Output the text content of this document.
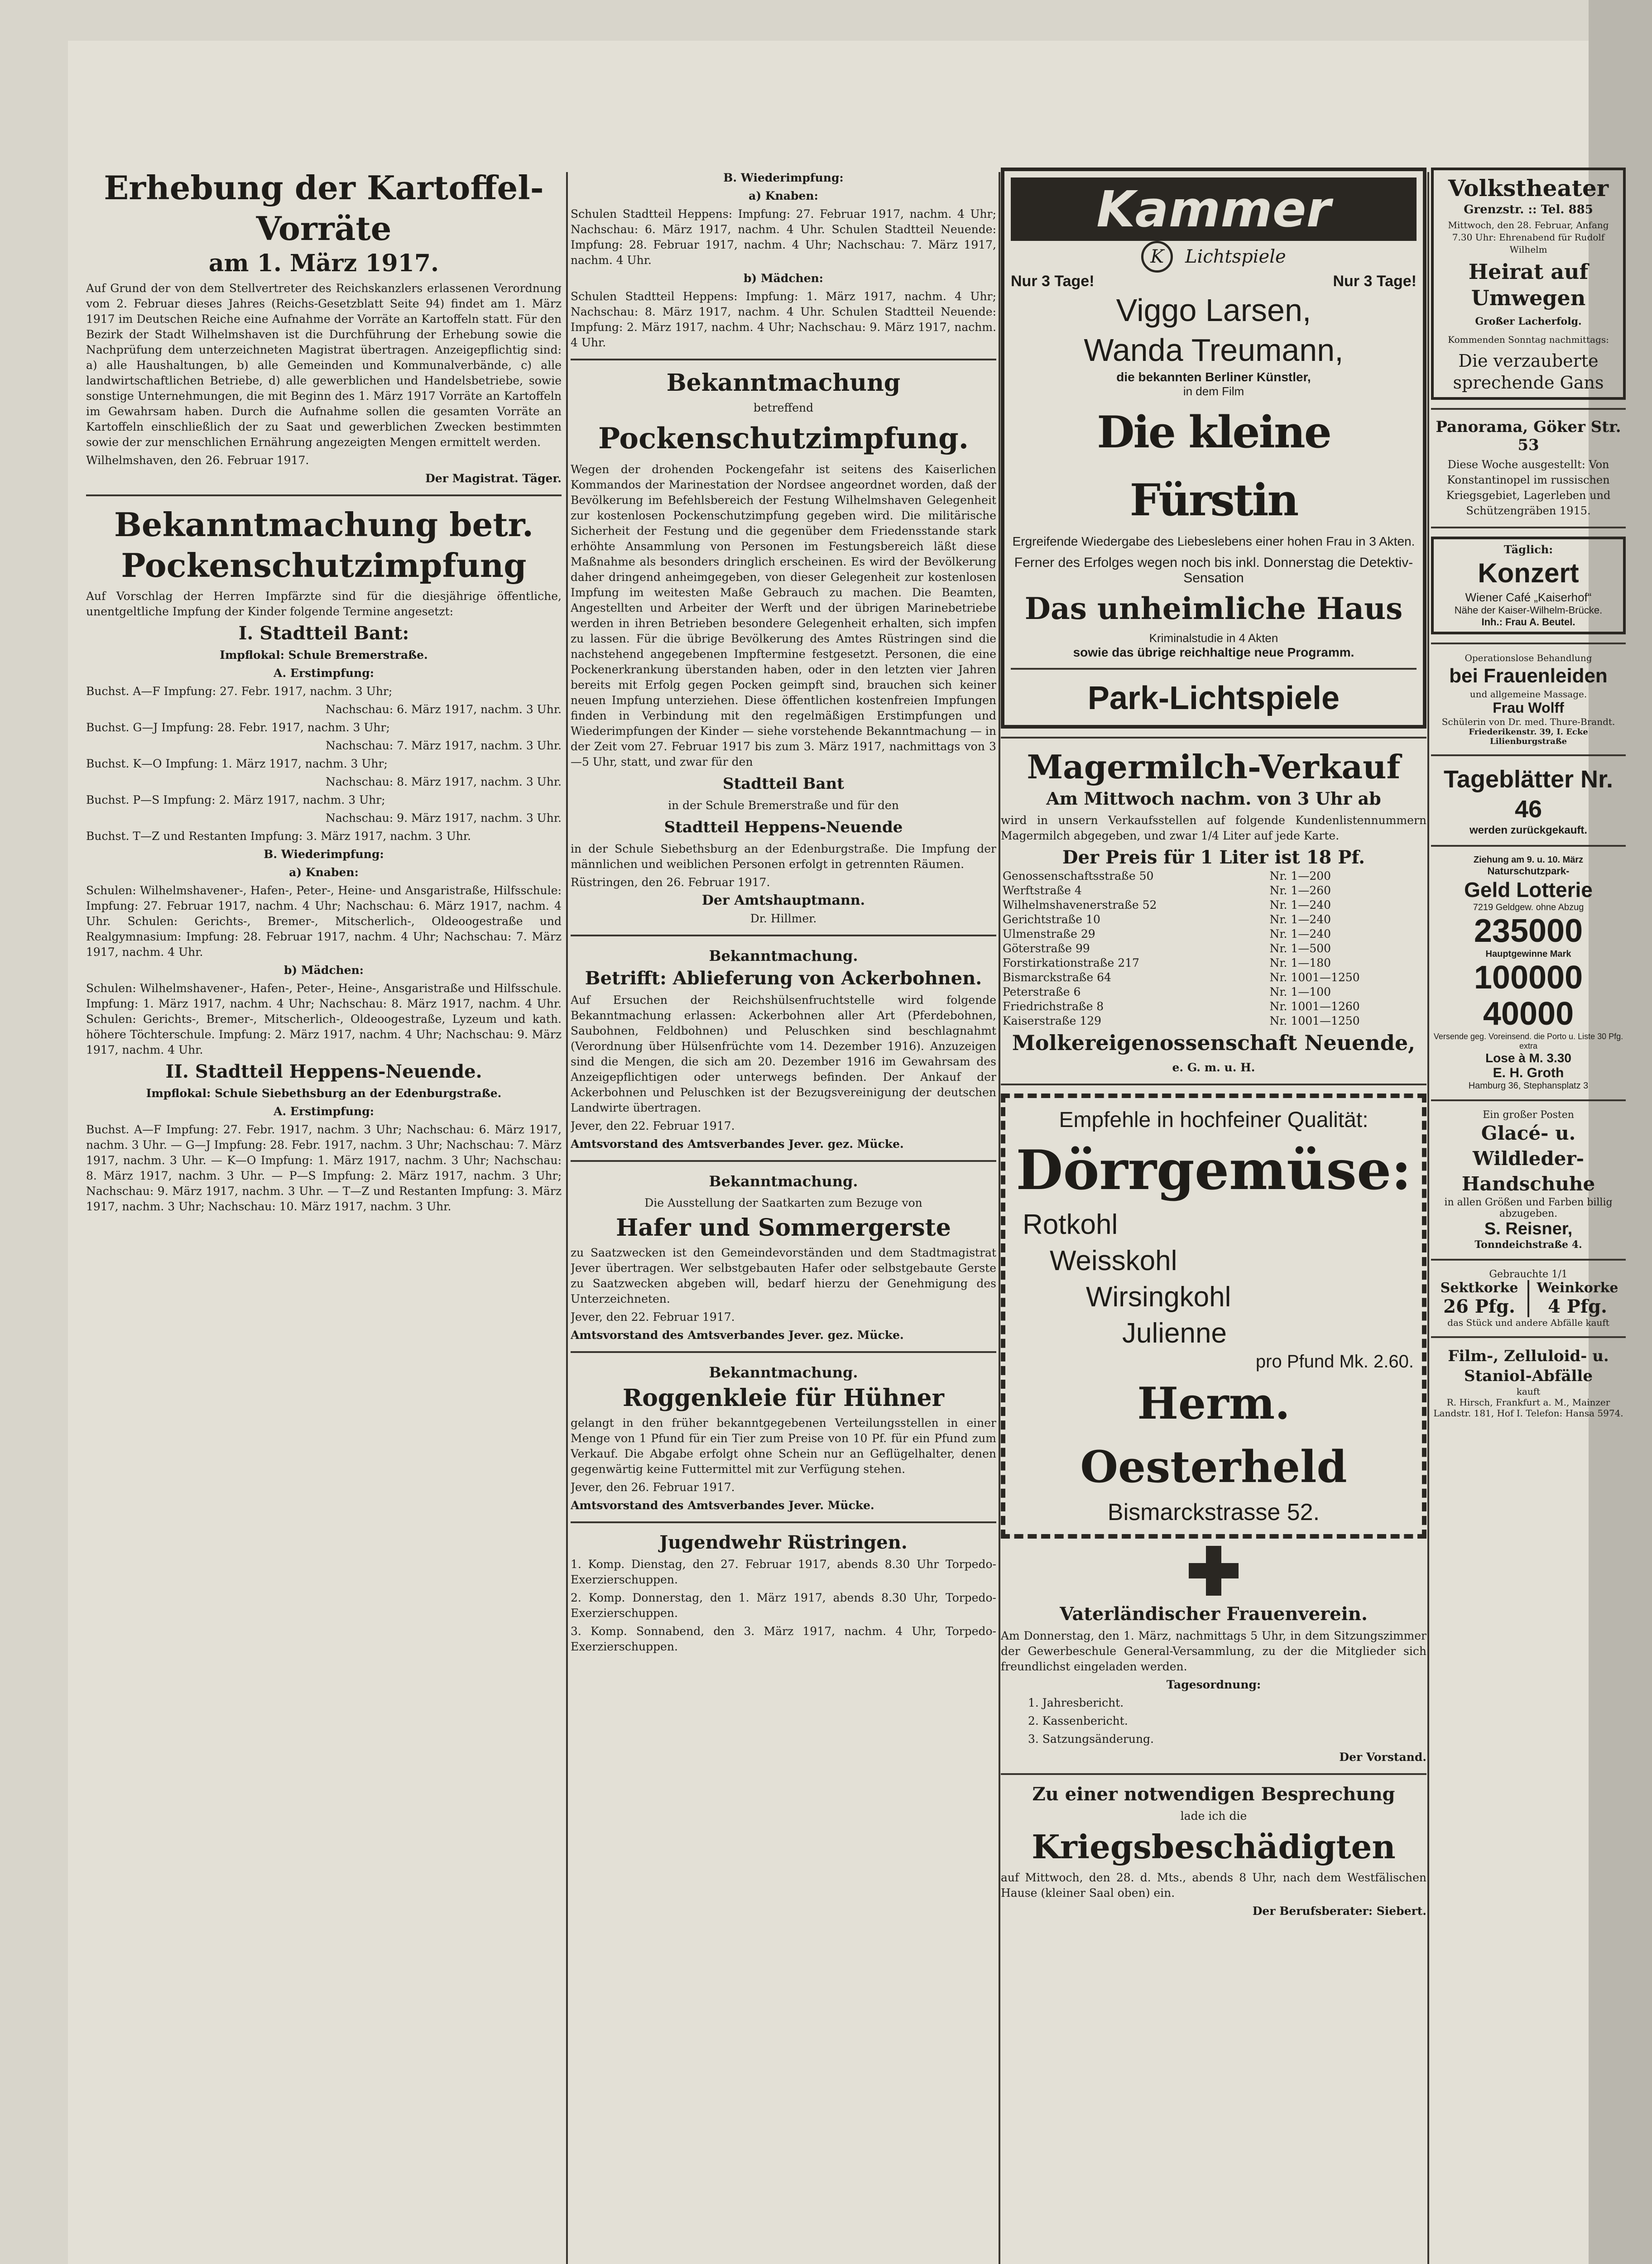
Erhebung der Kartoffel-Vorräte
am 1. März 1917.

Auf Grund der von dem Stellvertreter des Reichskanzlers erlassenen Verordnung vom 2. Februar dieses Jahres (Reichs-Gesetzblatt Seite 94) findet am 1. März 1917 im Deutschen Reiche eine Aufnahme der Vorräte an Kartoffeln statt. Für den Bezirk der Stadt Wilhelmshaven ist die Durchführung der Erhebung sowie die Nachprüfung dem unterzeichneten Magistrat übertragen. Anzeigepflichtig sind: a) alle Haushaltungen, b) alle Gemeinden und Kommunalverbände, c) alle landwirtschaftlichen Betriebe, d) alle gewerblichen und Handelsbetriebe, sowie sonstige Unternehmungen, die mit Beginn des 1. März 1917 Vorräte an Kartoffeln im Gewahrsam haben. Durch die Aufnahme sollen die gesamten Vorräte an Kartoffeln einschließlich der zu Saat und gewerblichen Zwecken bestimmten sowie der zur menschlichen Ernährung angezeigten Mengen ermittelt werden.

Wilhelmshaven, den 26. Februar 1917.

Der Magistrat. Täger.

Bekanntmachung betr. Pockenschutzimpfung

Auf Vorschlag der Herren Impfärzte sind für die diesjährige öffentliche, unentgeltliche Impfung der Kinder folgende Termine angesetzt:

I. Stadtteil Bant:

Impflokal: Schule Bremerstraße.

A. Erstimpfung:

Buchst. A—F Impfung: 27. Febr. 1917, nachm. 3 Uhr;

Nachschau: 6. März 1917, nachm. 3 Uhr.

Buchst. G—J Impfung: 28. Febr. 1917, nachm. 3 Uhr;

Nachschau: 7. März 1917, nachm. 3 Uhr.

Buchst. K—O Impfung: 1. März 1917, nachm. 3 Uhr;

Nachschau: 8. März 1917, nachm. 3 Uhr.

Buchst. P—S Impfung: 2. März 1917, nachm. 3 Uhr;

Nachschau: 9. März 1917, nachm. 3 Uhr.

Buchst. T—Z und Restanten Impfung: 3. März 1917, nachm. 3 Uhr.

B. Wiederimpfung:

a) Knaben:

Schulen: Wilhelmshavener-, Hafen-, Peter-, Heine- und Ansgaristraße, Hilfsschule: Impfung: 27. Februar 1917, nachm. 4 Uhr; Nachschau: 6. März 1917, nachm. 4 Uhr. Schulen: Gerichts-, Bremer-, Mitscherlich-, Oldeoogestraße und Realgymnasium: Impfung: 28. Februar 1917, nachm. 4 Uhr; Nachschau: 7. März 1917, nachm. 4 Uhr.

b) Mädchen:

Schulen: Wilhelmshavener-, Hafen-, Peter-, Heine-, Ansgaristraße und Hilfsschule. Impfung: 1. März 1917, nachm. 4 Uhr; Nachschau: 8. März 1917, nachm. 4 Uhr. Schulen: Gerichts-, Bremer-, Mitscherlich-, Oldeoogestraße, Lyzeum und kath. höhere Töchterschule. Impfung: 2. März 1917, nachm. 4 Uhr; Nachschau: 9. März 1917, nachm. 4 Uhr.

II. Stadtteil Heppens-Neuende.

Impflokal: Schule Siebethsburg an der Edenburgstraße.

A. Erstimpfung:

Buchst. A—F Impfung: 27. Febr. 1917, nachm. 3 Uhr; Nachschau: 6. März 1917, nachm. 3 Uhr. — G—J Impfung: 28. Febr. 1917, nachm. 3 Uhr; Nachschau: 7. März 1917, nachm. 3 Uhr. — K—O Impfung: 1. März 1917, nachm. 3 Uhr; Nachschau: 8. März 1917, nachm. 3 Uhr. — P—S Impfung: 2. März 1917, nachm. 3 Uhr; Nachschau: 9. März 1917, nachm. 3 Uhr. — T—Z und Restanten Impfung: 3. März 1917, nachm. 3 Uhr; Nachschau: 10. März 1917, nachm. 3 Uhr.

B. Wiederimpfung:

a) Knaben:

Schulen Stadtteil Heppens: Impfung: 27. Februar 1917, nachm. 4 Uhr; Nachschau: 6. März 1917, nachm. 4 Uhr. Schulen Stadtteil Neuende: Impfung: 28. Februar 1917, nachm. 4 Uhr; Nachschau: 7. März 1917, nachm. 4 Uhr.

b) Mädchen:

Schulen Stadtteil Heppens: Impfung: 1. März 1917, nachm. 4 Uhr; Nachschau: 8. März 1917, nachm. 4 Uhr. Schulen Stadtteil Neuende: Impfung: 2. März 1917, nachm. 4 Uhr; Nachschau: 9. März 1917, nachm. 4 Uhr.

Bekanntmachung

betreffend

Pockenschutzimpfung.

Wegen der drohenden Pockengefahr ist seitens des Kaiserlichen Kommandos der Marinestation der Nordsee angeordnet worden, daß der Bevölkerung im Befehlsbereich der Festung Wilhelmshaven Gelegenheit zur kostenlosen Pockenschutzimpfung gegeben wird. Die militärische Sicherheit der Festung und die gegenüber dem Friedensstande stark erhöhte Ansammlung von Personen im Festungsbereich läßt diese Maßnahme als besonders dringlich erscheinen. Es wird der Bevölkerung daher dringend anheimgegeben, von dieser Gelegenheit zur kostenlosen Impfung im weitesten Maße Gebrauch zu machen. Die Beamten, Angestellten und Arbeiter der Werft und der übrigen Marinebetriebe werden in ihren Betrieben besondere Gelegenheit erhalten, sich impfen zu lassen. Für die übrige Bevölkerung des Amtes Rüstringen sind die nachstehend angegebenen Impftermine festgesetzt. Personen, die eine Pockenerkrankung überstanden haben, oder in den letzten vier Jahren bereits mit Erfolg gegen Pocken geimpft sind, brauchen sich keiner neuen Impfung unterziehen. Diese öffentlichen kostenfreien Impfungen finden in Verbindung mit den regelmäßigen Erstimpfungen und Wiederimpfungen der Kinder — siehe vorstehende Bekanntmachung — in der Zeit vom 27. Februar 1917 bis zum 3. März 1917, nachmittags von 3—5 Uhr, statt, und zwar für den

Stadtteil Bant

in der Schule Bremerstraße und für den

Stadtteil Heppens-Neuende

in der Schule Siebethsburg an der Edenburgstraße. Die Impfung der männlichen und weiblichen Personen erfolgt in getrennten Räumen.

Rüstringen, den 26. Februar 1917.

Der Amtshauptmann.

Dr. Hillmer.

Bekanntmachung.
Betrifft: Ablieferung von Ackerbohnen.

Auf Ersuchen der Reichshülsenfruchtstelle wird folgende Bekanntmachung erlassen: Ackerbohnen aller Art (Pferdebohnen, Saubohnen, Feldbohnen) und Peluschken sind beschlagnahmt (Verordnung über Hülsenfrüchte vom 14. Dezember 1916). Anzuzeigen sind die Mengen, die sich am 20. Dezember 1916 im Gewahrsam des Anzeigepflichtigen oder unterwegs befinden. Der Ankauf der Ackerbohnen und Peluschken ist der Bezugsvereinigung der deutschen Landwirte übertragen.

Jever, den 22. Februar 1917.

Amtsvorstand des Amtsverbandes Jever. gez. Mücke.

Bekanntmachung.

Die Ausstellung der Saatkarten zum Bezuge von

Hafer und Sommergerste

zu Saatzwecken ist den Gemeindevorständen und dem Stadtmagistrat Jever übertragen. Wer selbstgebauten Hafer oder selbstgebaute Gerste zu Saatzwecken abgeben will, bedarf hierzu der Genehmigung des Unterzeichneten.

Jever, den 22. Februar 1917.

Amtsvorstand des Amtsverbandes Jever. gez. Mücke.

Bekanntmachung.
Roggenkleie für Hühner

gelangt in den früher bekanntgegebenen Verteilungsstellen in einer Menge von 1 Pfund für ein Tier zum Preise von 10 Pf. für ein Pfund zum Verkauf. Die Abgabe erfolgt ohne Schein nur an Geflügelhalter, denen gegenwärtig keine Futtermittel mit zur Verfügung stehen.

Jever, den 26. Februar 1917.

Amtsvorstand des Amtsverbandes Jever. Mücke.

Jugendwehr Rüstringen.

1. Komp. Dienstag, den 27. Februar 1917, abends 8.30 Uhr Torpedo-Exerzierschuppen.

2. Komp. Donnerstag, den 1. März 1917, abends 8.30 Uhr, Torpedo-Exerzierschuppen.

3. Komp. Sonnabend, den 3. März 1917, nachm. 4 Uhr, Torpedo-Exerzierschuppen.

Kammer
K Lichtspiele
Nur 3 Tage!	Nur 3 Tage!
Viggo Larsen,
Wanda Treumann,
die bekannten Berliner Künstler,
in dem Film
Die kleine Fürstin
Ergreifende Wiedergabe des Liebeslebens einer hohen Frau in 3 Akten.
Ferner des Erfolges wegen noch bis inkl. Donnerstag die Detektiv-Sensation
Das unheimliche Haus
Kriminalstudie in 4 Akten
sowie das übrige reichhaltige neue Programm.
Park-Lichtspiele
Magermilch-Verkauf
Am Mittwoch nachm. von 3 Uhr ab

wird in unsern Verkaufsstellen auf folgende Kundenlistennummern Magermilch abgegeben, und zwar 1/4 Liter auf jede Karte.

Der Preis für 1 Liter ist 18 Pf.
Genossenschaftsstraße 50	Nr. 1—200
Werftstraße 4	Nr. 1—260
Wilhelmshavenerstraße 52	Nr. 1—240
Gerichtstraße 10	Nr. 1—240
Ulmenstraße 29	Nr. 1—240
Göterstraße 99	Nr. 1—500
Forstirkationstraße 217	Nr. 1—180
Bismarckstraße 64	Nr. 1001—1250
Peterstraße 6	Nr. 1—100
Friedrichstraße 8	Nr. 1001—1260
Kaiserstraße 129	Nr. 1001—1250
Molkereigenossenschaft Neuende,

e. G. m. u. H.

Empfehle in hochfeiner Qualität:
Dörrgemüse:
Rotkohl
Weisskohl
Wirsingkohl
Julienne
pro Pfund Mk. 2.60.
Herm. Oesterheld
Bismarckstrasse 52.
Vaterländischer Frauenverein.

Am Donnerstag, den 1. März, nachmittags 5 Uhr, in dem Sitzungszimmer der Gewerbeschule General-Versammlung, zu der die Mitglieder sich freundlichst eingeladen werden.

Tagesordnung:

1. Jahresbericht.

2. Kassenbericht.

3. Satzungsänderung.

Der Vorstand.

Zu einer notwendigen Besprechung

lade ich die

Kriegsbeschädigten

auf Mittwoch, den 28. d. Mts., abends 8 Uhr, nach dem Westfälischen Hause (kleiner Saal oben) ein.

Der Berufsberater: Siebert.

Volkstheater
Grenzstr. :: Tel. 885

Mittwoch, den 28. Februar, Anfang 7.30 Uhr: Ehrenabend für Rudolf Wilhelm

Heirat auf Umwegen

Großer Lacherfolg.

Kommenden Sonntag nachmittags:

Die verzauberte sprechende Gans
Panorama, Göker Str. 53

Diese Woche ausgestellt: Von Konstantinopel im russischen Kriegsgebiet, Lagerleben und Schützengräben 1915.

Täglich:
Konzert
Wiener Café „Kaiserhof“
Nähe der Kaiser-Wilhelm-Brücke.
Inh.: Frau A. Beutel.
Operationslose Behandlung
bei Frauenleiden
und allgemeine Massage.
Frau Wolff
Schülerin von Dr. med. Thure-Brandt.
Friederikenstr. 39, I. Ecke Lilienburgstraße
Tageblätter Nr. 46
werden zurückgekauft.
Ziehung am 9. u. 10. März
Naturschutzpark-
Geld Lotterie
7219 Geldgew. ohne Abzug
235000
Hauptgewinne Mark
100000
40000
Versende geg. Voreinsend. die Porto u. Liste 30 Pfg. extra
Lose à M. 3.30
E. H. Groth
Hamburg 36, Stephansplatz 3
Ein großer Posten
Glacé- u. Wildleder-Handschuhe
in allen Größen und Farben billig abzugeben.
S. Reisner,
Tonndeichstraße 4.
Gebrauchte 1/1
Sektkorke
26 Pfg.
Weinkorke
4 Pfg.
das Stück und andere Abfälle kauft
Film-, Zelluloid- u. Staniol-Abfälle
kauft
R. Hirsch, Frankfurt a. M., Mainzer Landstr. 181, Hof I. Telefon: Hansa 5974.
